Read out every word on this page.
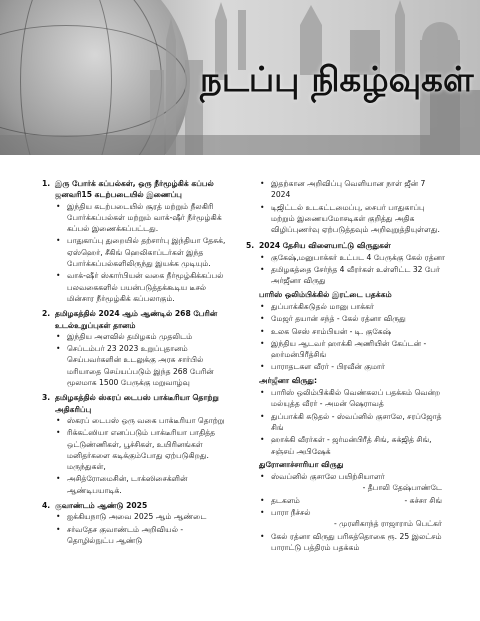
நடப்பு நிகழ்வுகள்
1. இரு போர்க் கப்பல்கள், ஒரு நீர்மூழ்கிக் கப்பல் ஜனவரி15 கடற்படையில் இணைப்பு
• இந்திய கடற்படையில் சூரத் மற்றும் நீலகிரி போர்க்கப்பல்கள் மற்றும் வாக்-ஷீர் நீர்மூழ்கிக் கப்பல் இணைக்கப்பட்டது.
• பாதுகாப்பு துறையில் தற்சார்பு இந்தியா தேசுக், ஏஸ்ஹெர், சீகிங் ஹெலிகாப்டர்கள் இந்த போர்க்கப்பல்களிலிருந்து இயக்க முடியும்.
• வாக்-ஷீர் ஸ்கார்பியன் வகை நீர்மூழ்கிக்கப்பல் பலவகைகளில் பயன்படுத்தக்கூடிய டீசல் மின்சார நீர்மூழ்கிக் கப்பலாகும்.
2. தமிழகத்தில் 2024 ஆம் ஆண்டில் 268 பேரின் உடல்உறுப்புகள் தானம்
• இந்திய அளவில் தமிழகம் முதலிடம்
• செப்டம்பர் 23 2023 உறுப்புதானம் செய்பவர்களின் உடலுக்கு அரசு சார்பில் மரியாதை செய்யப்படும் இந்த 268 பேரின் மூலமாக 1500 பேருக்கு மறுவாழ்வு
3. தமிழகத்தில் ஸ்கரப் டைபஸ் பாக்டீரியா தொற்று அதிகரிப்பு
• ஸ்கரப் டைபஸ் ஒரு வகை பாக்டீரியா தொற்று
• ரிக்கட்ஸியா எனப்படும் பாக்டீரியா பாதித்த ஒட்டுண்ணிகள், பூச்சிகள், உயிரினங்கள் மனிதர்களை கடிக்கும்போது ஏற்படுகிறது. மருந்துகள்,
• அசித்ரோமைசின், டாக்ஸிசைக்ளின் ஆண்டிபயாடிக்.
4. குவாண்டம் ஆண்டு 2025
• ஐக்கியநாடு அவை 2025 ஆம் ஆண்டை
• சர்வதேச குவாண்டம் அறிவியல் - தொழில்நுட்ப ஆண்டு
• இதற்கான அறிவிப்பு வெளியான நாள் ஜீன் 7 2024
• டிஜிட்டல் உடகட்டமைப்பு, சைபர் பாதுகாப்பு மற்றும் இணையமோசடிகள் குறித்து அதிக விழிப்புணர்வு ஏற்படுத்தவும் அறிவுறுத்தியுள்ளது.
5. 2024 தேசிய விளையாட்டு விருதுகள்
• குகேஷ்,மனுபாக்கர் உட்பட 4 பேருக்கு கேல் ரத்னா
• தமிழகத்தை சேர்ந்த 4 வீரர்கள் உள்ளிட்ட 32 பேர் அர்ஜீனா விருது
பாரிஸ் ஒலிம்பிக்கில் இரட்டை பதக்கம்
• துப்பாக்கிசுடுதல் மானு பாக்கர்
• மேஜர் தயான் சந்த் - கேல் ரத்னா விருது
• உலக செஸ் சாம்பியன் - டி. குகேஷ்
• இந்திய ஆடவர் ஹாக்கி அணியின் கேப்டன் - ஹர்மன்பிரீத்சிங்
• பாராதடகள வீரர் - பிரவீன் குமார்
அர்ஜீனா விருது:
• பாரிஸ் ஒலிம்பிக்கில் வெண்கலப் பதக்கம் வென்ற மல்யுத்த வீரர் - அமன் ஷெராவத்
• துப்பாக்கி சுடுதல் - ஸ்வப்னில் குசாலே, சரப்ஜோத் சிங்
• ஹாக்கி வீரர்கள் - ஜர்மன்பிரீத் சிங், சுக்ஜித் சிங், சஞ்சய் அபிஷேக்
துரோனாச்சாரியா விருது
• ஸ்வப்னில் குசாலே பயிற்சியாளர்
- தீபாலி தேஷ்பாண்டே
• தடகளம்	- சுச்சா சிங்
• பாரா நீச்சல்
- முரளிகாந்த் ராஜாராம் பெட்கர்
• கேல் ரத்னா விருது பரிசுத்தொகை ரூ. 25 இலட்சம் பாராட்டு பத்திரம் பதக்கம்
